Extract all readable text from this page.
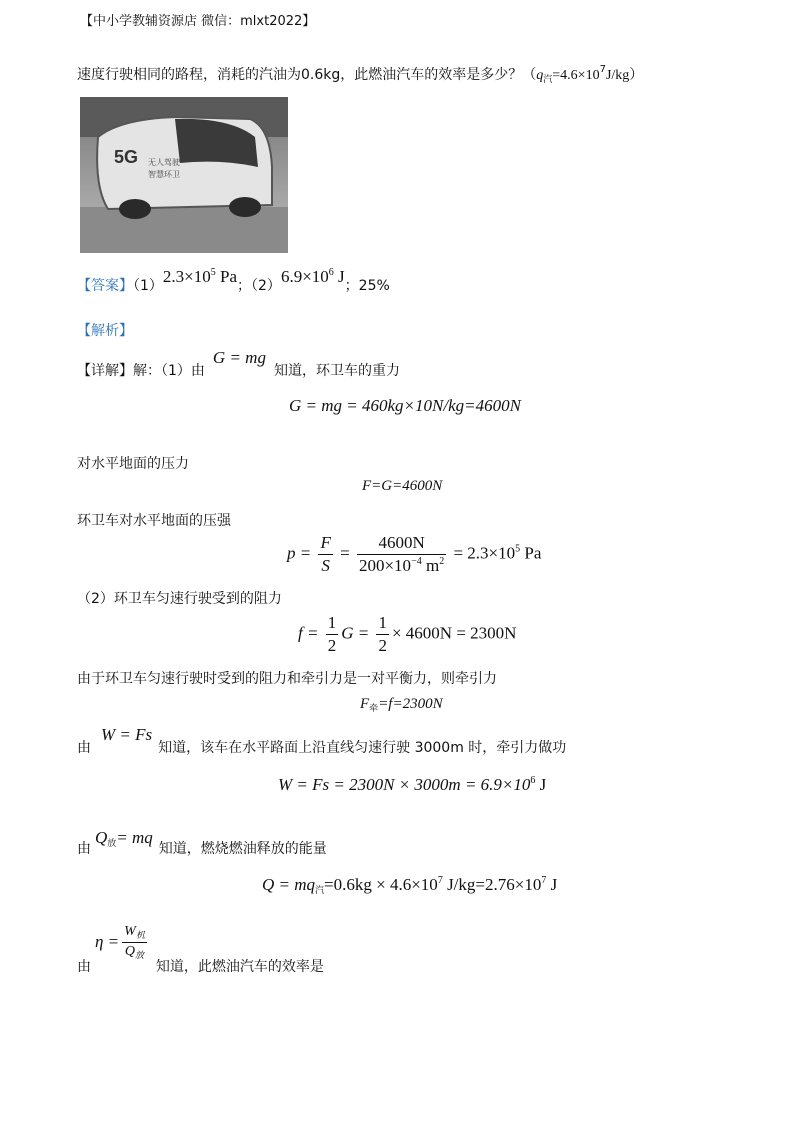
【中小学教辅资源店 微信：mlxt2022】
速度行驶相同的路程，消耗的汽油为0.6kg，此燃油汽车的效率是多少？$(q_汽=4.6\times 10^7J/kg)$
5G 无人驾驶
智慧环卫
【答案】$(1)2.3\times 10^5$ Pa；$(2)6.9\times 10^6$ J；25%
【解析】
【详解】解：（1）由G = mg知道，环卫车的重力
G = mg = 460kg×10N/kg=4600N
对水平地面的压力
F=G=4600N
环卫车对水平地面的压强
$p = \frac{F}{S} = \frac{4600N}{200\times 10^{-4} m^2} = 2.3\times 10^5$ Pa
（2）环卫车匀速行驶受到的阻力
$f = \frac{1}{2}$ $G = \frac{1}{2} \times 4600N = 2300N$
由于环卫车匀速行驶时受到的阻力和牵引力是一对平衡力，则牵引力
$F_牵=f=2300N$
由W = Fs知道，该车在水平路面上沿直线匀速行驶 3000m 时，牵引力做功
$W = Fs = 2300N \times 3000m = 6.9\times 10^6$ J
由$Q_放=$ mq知道，燃烧燃油释放的能量
$Q = mq_汽=0.6kg \times 4.6\times 10^7$ $J/kg=2.76\times 10^7$ J
由$\eta = \frac{W_机}{Q_放}$
知道，此燃油汽车的效率是
